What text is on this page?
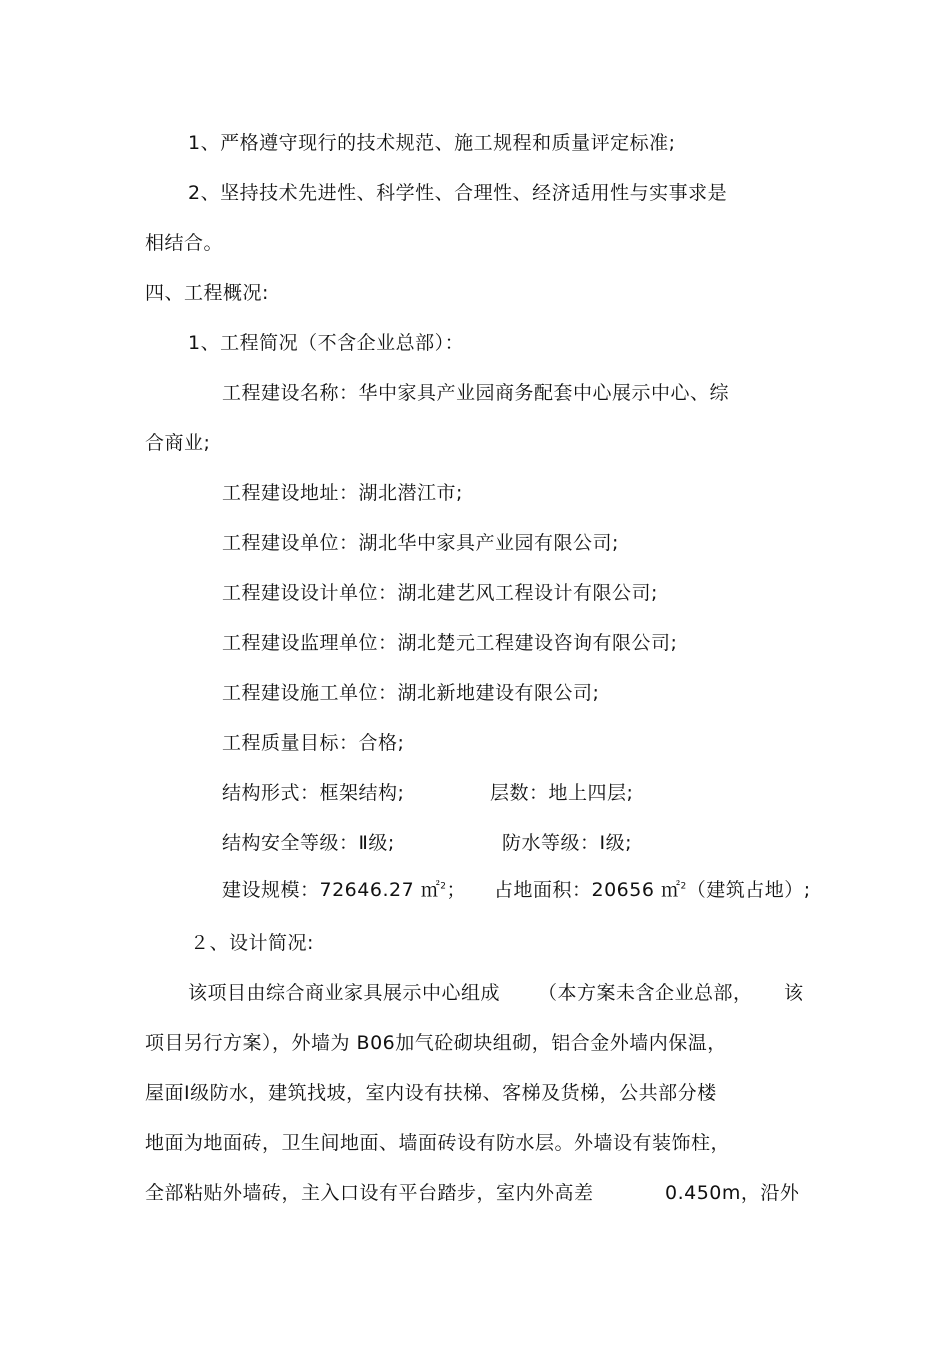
1、严格遵守现行的技术规范、施工规程和质量评定标准;
2、坚持技术先进性、科学性、合理性、经济适用性与实事求是
相结合。
四、工程概况:
1、工程简况（不含企业总部）：
工程建设名称：华中家具产业园商务配套中心展示中心、综
合商业;
工程建设地址：湖北潜江市;
工程建设单位：湖北华中家具产业园有限公司;
工程建设设计单位：湖北建艺风工程设计有限公司;
工程建设监理单位：湖北楚元工程建设咨询有限公司;
工程建设施工单位：湖北新地建设有限公司;
工程质量目标：合格;
结构形式：框架结构;	层数：地上四层;
结构安全等级：Ⅱ级;	防水等级：Ⅰ级;
建设规模：72646.27 ㎡$^2$； 占地面积：20656 ㎡$^2$（建筑占地）;
２、设计简况:
该项目由综合商业家具展示中心组成 （本方案未含企业总部， 该
项目另行方案），外墙为 B06加气砼砌块组砌，铝合金外墙内保温，
屋面Ⅰ级防水，建筑找坡，室内设有扶梯、客梯及货梯，公共部分楼
地面为地面砖，卫生间地面、墙面砖设有防水层。外墙设有装饰柱，
全部粘贴外墙砖，主入口设有平台踏步，室内外高差	0.450m，沿外
